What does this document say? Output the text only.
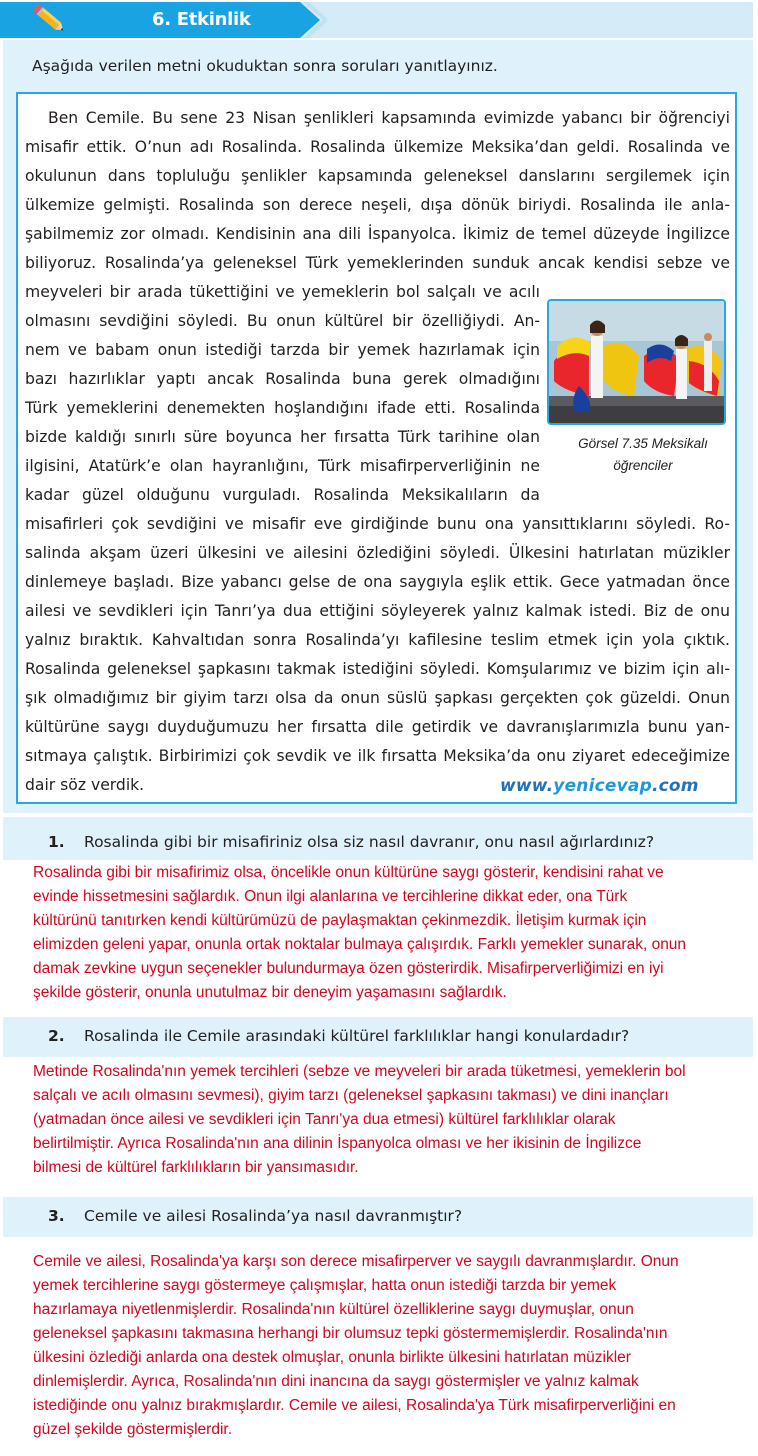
6. Etkinlik
Aşağıda verilen metni okuduktan sonra soruları yanıtlayınız.
Ben Cemile. Bu sene 23 Nisan şenlikleri kapsamında evimizde yabancı bir öğrenciyi
misafir ettik. O’nun adı Rosalinda. Rosalinda ülkemize Meksika’dan geldi. Rosalinda ve
okulunun dans topluluğu şenlikler kapsamında geleneksel danslarını sergilemek için
ülkemize gelmişti. Rosalinda son derece neşeli, dışa dönük biriydi. Rosalinda ile anla-
şabilmemiz zor olmadı. Kendisinin ana dili İspanyolca. İkimiz de temel düzeyde İngilizce
biliyoruz. Rosalinda’ya geleneksel Türk yemeklerinden sunduk ancak kendisi sebze ve
meyveleri bir arada tükettiğini ve yemeklerin bol salçalı ve acılı
olmasını sevdiğini söyledi. Bu onun kültürel bir özelliğiydi. An-
nem ve babam onun istediği tarzda bir yemek hazırlamak için
bazı hazırlıklar yaptı ancak Rosalinda buna gerek olmadığını
Türk yemeklerini denemekten hoşlandığını ifade etti. Rosalinda
bizde kaldığı sınırlı süre boyunca her fırsatta Türk tarihine olan
ilgisini, Atatürk’e olan hayranlığını, Türk misafirperverliğinin ne
kadar güzel olduğunu vurguladı. Rosalinda Meksikalıların da
misafirleri çok sevdiğini ve misafir eve girdiğinde bunu ona yansıttıklarını söyledi. Ro-
salinda akşam üzeri ülkesini ve ailesini özlediğini söyledi. Ülkesini hatırlatan müzikler
dinlemeye başladı. Bize yabancı gelse de ona saygıyla eşlik ettik. Gece yatmadan önce
ailesi ve sevdikleri için Tanrı’ya dua ettiğini söyleyerek yalnız kalmak istedi. Biz de onu
yalnız bıraktık. Kahvaltıdan sonra Rosalinda’yı kafilesine teslim etmek için yola çıktık.
Rosalinda geleneksel şapkasını takmak istediğini söyledi. Komşularımız ve bizim için alı-
şık olmadığımız bir giyim tarzı olsa da onun süslü şapkası gerçekten çok güzeldi. Onun
kültürüne saygı duyduğumuzu her fırsatta dile getirdik ve davranışlarımızla bunu yan-
sıtmaya çalıştık. Birbirimizi çok sevdik ve ilk fırsatta Meksika’da onu ziyaret edeceğimize
dair söz verdik.
Görsel 7.35 Meksikalı
öğrenciler
www.yenicevap.com
1. Rosalinda gibi bir misafiriniz olsa siz nasıl davranır, onu nasıl ağırlardınız?
Rosalinda gibi bir misafirimiz olsa, öncelikle onun kültürüne saygı gösterir, kendisini rahat ve
evinde hissetmesini sağlardık. Onun ilgi alanlarına ve tercihlerine dikkat eder, ona Türk
kültürünü tanıtırken kendi kültürümüzü de paylaşmaktan çekinmezdik. İletişim kurmak için
elimizden geleni yapar, onunla ortak noktalar bulmaya çalışırdık. Farklı yemekler sunarak, onun
damak zevkine uygun seçenekler bulundurmaya özen gösterirdik. Misafirperverliğimizi en iyi
şekilde gösterir, onunla unutulmaz bir deneyim yaşamasını sağlardık.
2. Rosalinda ile Cemile arasındaki kültürel farklılıklar hangi konulardadır?
Metinde Rosalinda'nın yemek tercihleri (sebze ve meyveleri bir arada tüketmesi, yemeklerin bol
salçalı ve acılı olmasını sevmesi), giyim tarzı (geleneksel şapkasını takması) ve dini inançları
(yatmadan önce ailesi ve sevdikleri için Tanrı'ya dua etmesi) kültürel farklılıklar olarak
belirtilmiştir. Ayrıca Rosalinda'nın ana dilinin İspanyolca olması ve her ikisinin de İngilizce
bilmesi de kültürel farklılıkların bir yansımasıdır.
3. Cemile ve ailesi Rosalinda’ya nasıl davranmıştır?
Cemile ve ailesi, Rosalinda'ya karşı son derece misafirperver ve saygılı davranmışlardır. Onun
yemek tercihlerine saygı göstermeye çalışmışlar, hatta onun istediği tarzda bir yemek
hazırlamaya niyetlenmişlerdir. Rosalinda'nın kültürel özelliklerine saygı duymuşlar, onun
geleneksel şapkasını takmasına herhangi bir olumsuz tepki göstermemişlerdir. Rosalinda'nın
ülkesini özlediği anlarda ona destek olmuşlar, onunla birlikte ülkesini hatırlatan müzikler
dinlemişlerdir. Ayrıca, Rosalinda'nın dini inancına da saygı göstermişler ve yalnız kalmak
istediğinde onu yalnız bırakmışlardır. Cemile ve ailesi, Rosalinda'ya Türk misafirperverliğini en
güzel şekilde göstermişlerdir.
